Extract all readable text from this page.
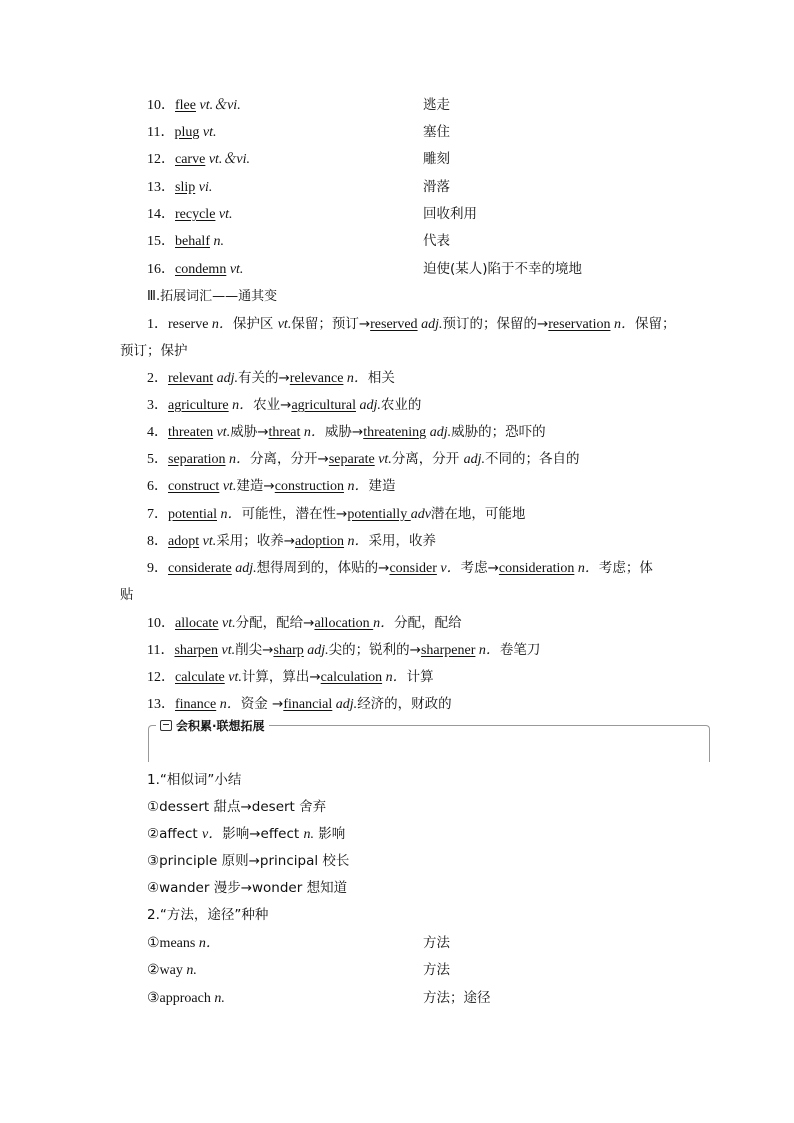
10．flee vt.＆vi.	逃走
11．plug vt.	塞住
12．carve vt.＆vi.	雕刻
13．slip vi.	滑落
14．recycle vt.	回收利用
15．behalf n.	代表
16．condemn vt.	迫使(某人)陷于不幸的境地
Ⅲ.拓展词汇——通其变
1．reserve n．保护区 vt.保留；预订→reserved adj.预订的；保留的→reservation n．保留；
预订；保护
2．relevant adj.有关的→relevance n．相关
3．agriculture n．农业→agricultural adj.农业的
4．threaten vt.威胁→threat n．威胁→threatening adj.威胁的；恐吓的
5．separation n．分离，分开→separate vt.分离，分开 adj.不同的；各自的
6．construct vt.建造→construction n．建造
7．potential n．可能性，潜在性→potentially adv潜在地，可能地
8．adopt vt.采用；收养→adoption n．采用，收养
9．considerate adj.想得周到的，体贴的→consider v．考虑→consideration n．考虑；体
贴
10．allocate vt.分配，配给→allocation n．分配，配给
11．sharpen vt.削尖→sharp adj.尖的；锐利的→sharpener n．卷笔刀
12．calculate vt.计算，算出→calculation n．计算
13．finance n．资金 →financial adj.经济的，财政的
会积累·联想拓展
1.“相似词”小结
①dessert 甜点→desert 舍弃
②affect v．影响→effect n. 影响
③principle 原则→principal 校长
④wander 漫步→wonder 想知道
2.“方法，途径”种种
①means n．	方法
②way n.	方法
③approach n.	方法；途径
